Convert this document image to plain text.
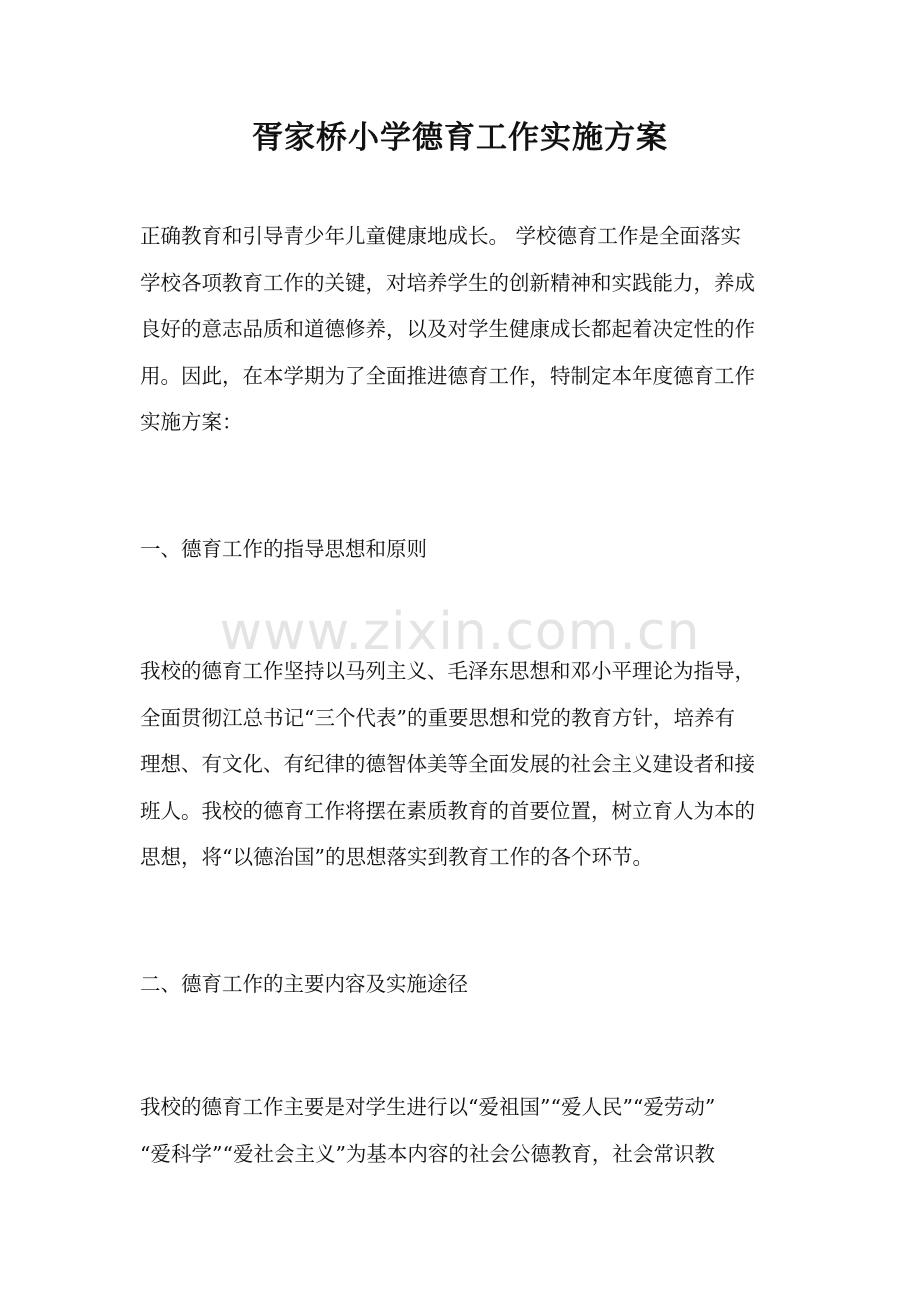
胥家桥小学德育工作实施方案
正确教育和引导青少年儿童健康地成长。 学校德育工作是全面落实
学校各项教育工作的关键，对培养学生的创新精神和实践能力，养成
良好的意志品质和道德修养，以及对学生健康成长都起着决定性的作
用。因此，在本学期为了全面推进德育工作，特制定本年度德育工作
实施方案：
一、德育工作的指导思想和原则
www.zixin.com.cn
我校的德育工作坚持以马列主义、毛泽东思想和邓小平理论为指导，
全面贯彻江总书记“三个代表”的重要思想和党的教育方针，培养有
理想、有文化、有纪律的德智体美等全面发展的社会主义建设者和接
班人。我校的德育工作将摆在素质教育的首要位置，树立育人为本的
思想，将“以德治国”的思想落实到教育工作的各个环节。
二、德育工作的主要内容及实施途径
我校的德育工作主要是对学生进行以“爱祖国”“爱人民”“爱劳动”
“爱科学”“爱社会主义”为基本内容的社会公德教育，社会常识教
